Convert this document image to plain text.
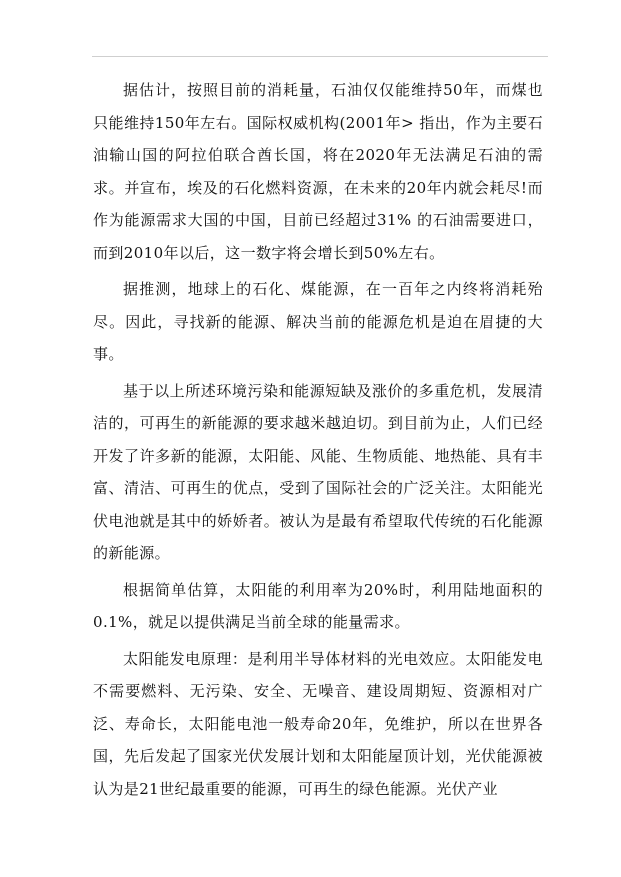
据估计，按照目前的消耗量，石油仅仅能维持50年，而煤也只能维持150年左右。国际权威机构(2001年> 指出，作为主要石油输山国的阿拉伯联合酋长国，将在2020年无法满足石油的需求。并宣布，埃及的石化燃料资源，在未来的20年内就会耗尽!而作为能源需求大国的中国，目前已经超过31% 的石油需要进口，而到2010年以后，这一数字将会增长到50%左右。

据推测，地球上的石化、煤能源，在一百年之内终将消耗殆尽。因此，寻找新的能源、解决当前的能源危机是迫在眉捷的大事。

基于以上所述环境污染和能源短缺及涨价的多重危机，发展清洁的，可再生的新能源的要求越米越迫切。到目前为止，人们已经开发了许多新的能源，太阳能、风能、生物质能、地热能、具有丰富、清洁、可再生的优点，受到了国际社会的广泛关注。太阳能光伏电池就是其中的娇娇者。被认为是最有希望取代传统的石化能源的新能源。

根据简单估算，太阳能的利用率为20%时，利用陆地面积的0.1%，就足以提供满足当前全球的能量需求。

太阳能发电原理：是利用半导体材料的光电效应。太阳能发电不需要燃料、无污染、安全、无噪音、建设周期短、资源相对广泛、寿命长，太阳能电池一般寿命20年，免维护，所以在世界各国，先后发起了国家光伏发展计划和太阳能屋顶计划，光伏能源被认为是21世纪最重要的能源，可再生的绿色能源。光伏产业
